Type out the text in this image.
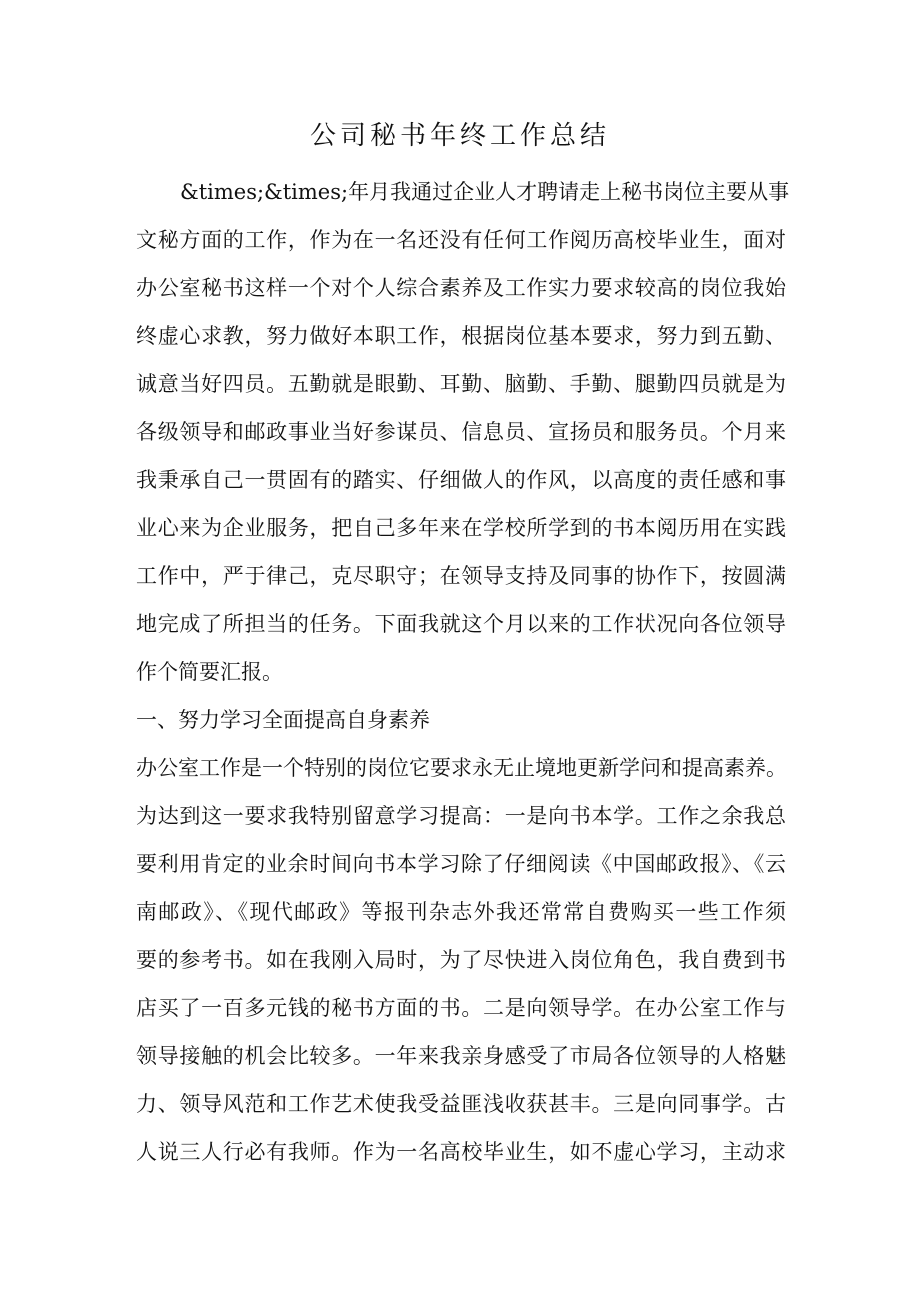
公司秘书年终工作总结
&times;&times;年月我通过企业人才聘请走上秘书岗位主要从事
文秘方面的工作，作为在一名还没有任何工作阅历高校毕业生，面对
办公室秘书这样一个对个人综合素养及工作实力要求较高的岗位我始
终虚心求教，努力做好本职工作，根据岗位基本要求，努力到五勤、
诚意当好四员。五勤就是眼勤、耳勤、脑勤、手勤、腿勤四员就是为
各级领导和邮政事业当好参谋员、信息员、宣扬员和服务员。个月来
我秉承自己一贯固有的踏实、仔细做人的作风，以高度的责任感和事
业心来为企业服务，把自己多年来在学校所学到的书本阅历用在实践
工作中，严于律己，克尽职守；在领导支持及同事的协作下，按圆满
地完成了所担当的任务。下面我就这个月以来的工作状况向各位领导
作个简要汇报。
一、努力学习全面提高自身素养
办公室工作是一个特别的岗位它要求永无止境地更新学问和提高素养。
为达到这一要求我特别留意学习提高：一是向书本学。工作之余我总
要利用肯定的业余时间向书本学习除了仔细阅读《中国邮政报》、《云
南邮政》、《现代邮政》等报刊杂志外我还常常自费购买一些工作须
要的参考书。如在我刚入局时，为了尽快进入岗位角色，我自费到书
店买了一百多元钱的秘书方面的书。二是向领导学。在办公室工作与
领导接触的机会比较多。一年来我亲身感受了市局各位领导的人格魅
力、领导风范和工作艺术使我受益匪浅收获甚丰。三是向同事学。古
人说三人行必有我师。作为一名高校毕业生，如不虚心学习，主动求
